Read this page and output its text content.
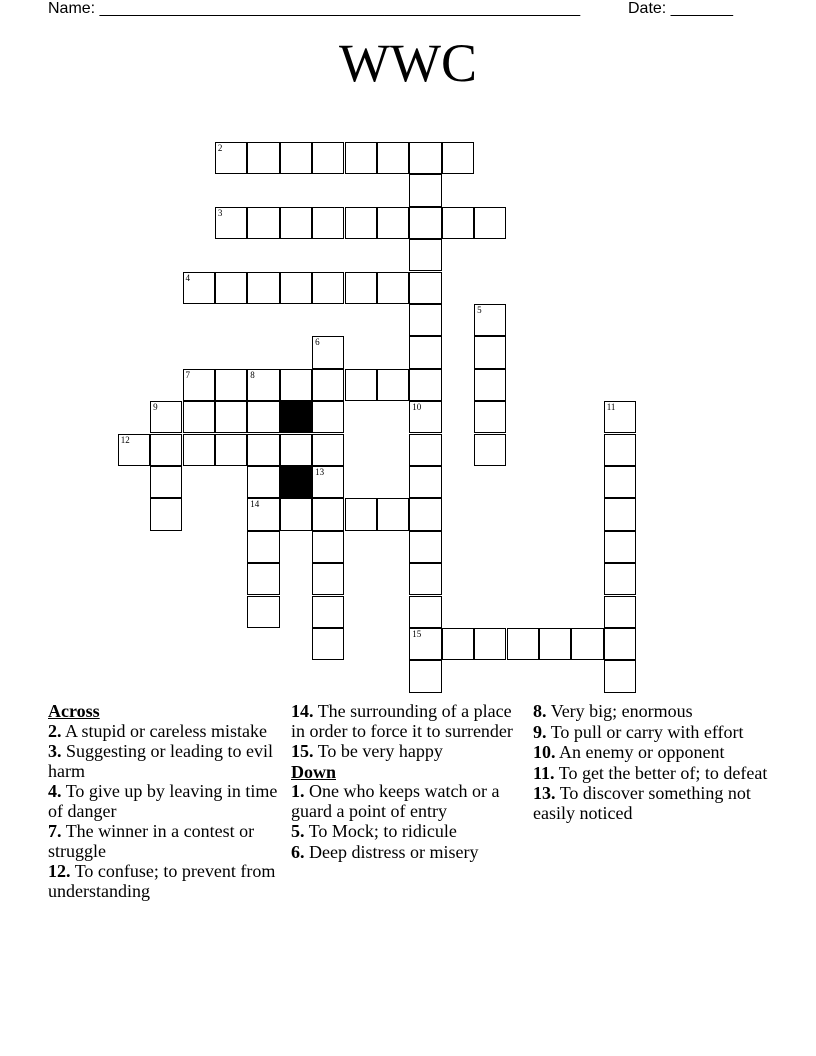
Name: ______________________________________________________	Date: _______
WWC
2
3
4
5
6
7	8
9	10	11
12
13
14
15
Across
2. A stupid or careless mistake
3. Suggesting or leading to evil harm
4. To give up by leaving in time of danger
7. The winner in a contest or struggle
12. To confuse; to prevent from understanding
14. The surrounding of a place in order to force it to surrender
15. To be very happy
Down
1. One who keeps watch or a guard a point of entry
5. To Mock; to ridicule
6. Deep distress or misery
8. Very big; enormous
9. To pull or carry with effort
10. An enemy or opponent
11. To get the better of; to defeat
13. To discover something not easily noticed
